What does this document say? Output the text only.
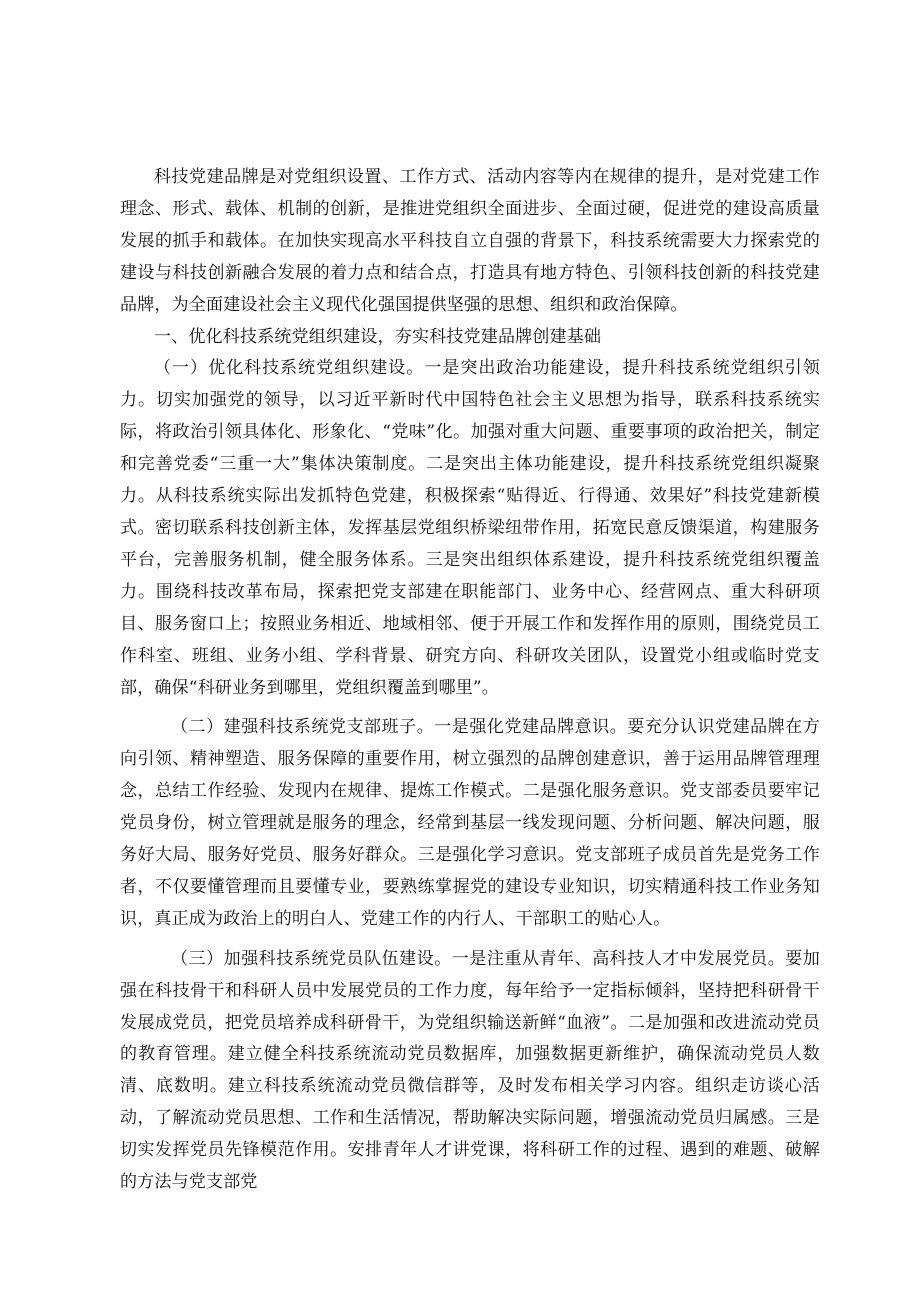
科技党建品牌是对党组织设置、工作方式、活动内容等内在规律的提升，是对党建工作理念、形式、载体、机制的创新，是推进党组织全面进步、全面过硬，促进党的建设高质量发展的抓手和载体。在加快实现高水平科技自立自强的背景下，科技系统需要大力探索党的建设与科技创新融合发展的着力点和结合点，打造具有地方特色、引领科技创新的科技党建品牌，为全面建设社会主义现代化强国提供坚强的思想、组织和政治保障。

一、优化科技系统党组织建设，夯实科技党建品牌创建基础

（一）优化科技系统党组织建设。一是突出政治功能建设，提升科技系统党组织引领力。切实加强党的领导，以习近平新时代中国特色社会主义思想为指导，联系科技系统实际，将政治引领具体化、形象化、“党味”化。加强对重大问题、重要事项的政治把关，制定和完善党委“三重一大”集体决策制度。二是突出主体功能建设，提升科技系统党组织凝聚力。从科技系统实际出发抓特色党建，积极探索“贴得近、行得通、效果好”科技党建新模式。密切联系科技创新主体，发挥基层党组织桥梁纽带作用，拓宽民意反馈渠道，构建服务平台，完善服务机制，健全服务体系。三是突出组织体系建设，提升科技系统党组织覆盖力。围绕科技改革布局，探索把党支部建在职能部门、业务中心、经营网点、重大科研项目、服务窗口上；按照业务相近、地域相邻、便于开展工作和发挥作用的原则，围绕党员工作科室、班组、业务小组、学科背景、研究方向、科研攻关团队，设置党小组或临时党支部，确保“科研业务到哪里，党组织覆盖到哪里”。

（二）建强科技系统党支部班子。一是强化党建品牌意识。要充分认识党建品牌在方向引领、精神塑造、服务保障的重要作用，树立强烈的品牌创建意识，善于运用品牌管理理念，总结工作经验、发现内在规律、提炼工作模式。二是强化服务意识。党支部委员要牢记党员身份，树立管理就是服务的理念，经常到基层一线发现问题、分析问题、解决问题，服务好大局、服务好党员、服务好群众。三是强化学习意识。党支部班子成员首先是党务工作者，不仅要懂管理而且要懂专业，要熟练掌握党的建设专业知识，切实精通科技工作业务知识，真正成为政治上的明白人、党建工作的内行人、干部职工的贴心人。

（三）加强科技系统党员队伍建设。一是注重从青年、高科技人才中发展党员。要加强在科技骨干和科研人员中发展党员的工作力度，每年给予一定指标倾斜，坚持把科研骨干发展成党员，把党员培养成科研骨干，为党组织输送新鲜“血液”。二是加强和改进流动党员的教育管理。建立健全科技系统流动党员数据库，加强数据更新维护，确保流动党员人数清、底数明。建立科技系统流动党员微信群等，及时发布相关学习内容。组织走访谈心活动，了解流动党员思想、工作和生活情况，帮助解决实际问题，增强流动党员归属感。三是切实发挥党员先锋模范作用。安排青年人才讲党课，将科研工作的过程、遇到的难题、破解的方法与党支部党
